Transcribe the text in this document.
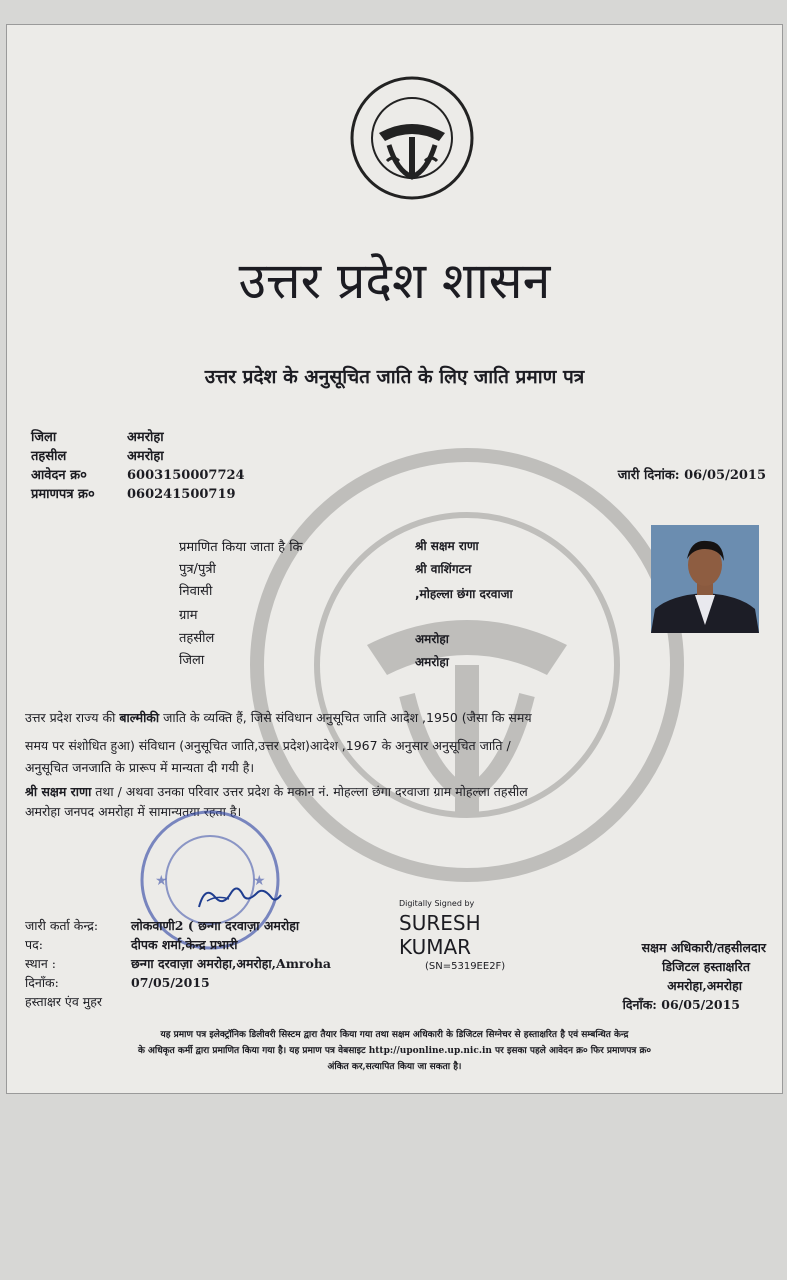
उत्तर प्रदेश शासन
उत्तर प्रदेश के अनुसूचित जाति के लिए जाति प्रमाण पत्र
जिला	अमरोहा
तहसील	अमरोहा
आवेदन क्र०	6003150007724
प्रमाणपत्र क्र० 060241500719
जारी दिनांक: 06/05/2015
प्रमाणित किया जाता है कि	श्री सक्षम राणा
पुत्र/पुत्री	श्री वाशिंगटन
निवासी	,मोहल्ला छंगा दरवाजा
ग्राम
तहसील	अमरोहा
जिला	अमरोहा
उत्तर प्रदेश राज्य की बाल्मीकी जाति के व्यक्ति हैं, जिसे संविधान अनुसूचित जाति आदेश ,1950 (जैसा कि समय
समय पर संशोधित हुआ) संविधान (अनुसूचित जाति,उत्तर प्रदेश)आदेश ,1967 के अनुसार अनुसूचित जाति /
अनुसूचित जनजाति के प्रारूप में मान्यता दी गयी है।
श्री सक्षम राणा तथा / अथवा उनका परिवार उत्तर प्रदेश के मकान नं. मोहल्ला छंगा दरवाजा ग्राम मोहल्ला तहसील
अमरोहा जनपद अमरोहा में सामान्यतया रहता है।
★	★
जारी कर्ता केन्द्र:	लोकवाणी2 ( छन्गा दरवाज़ा अमरोहा
पद:	दीपक शर्मा,केन्द्र प्रभारी
स्थान :	छन्गा दरवाज़ा अमरोहा,अमरोहा,Amroha
दिनाँक:	07/05/2015
हस्ताक्षर एंव मुहर
Digitally Signed by
SURESH
KUMAR
(SN=5319EE2F)
सक्षम अधिकारी/तहसीलदार
डिजिटल हस्ताक्षरित
अमरोहा,अमरोहा
दिनाँक: 06/05/2015
यह प्रमाण पत्र इलेक्ट्रॉनिक डिलीवरी सिस्टम द्वारा तैयार किया गया तथा सक्षम अधिकारी के डिजिटल सिग्नेचर से हस्ताक्षरित है एवं सम्बन्धित केन्द्र
के अधिकृत कर्मी द्वारा प्रमाणित किया गया है। यह प्रमाण पत्र वेबसाइट http://uponline.up.nic.in पर इसका पहले आवेदन क्र० फिर प्रमाणपत्र क्र०
अंकित कर,सत्यापित किया जा सकता है।
